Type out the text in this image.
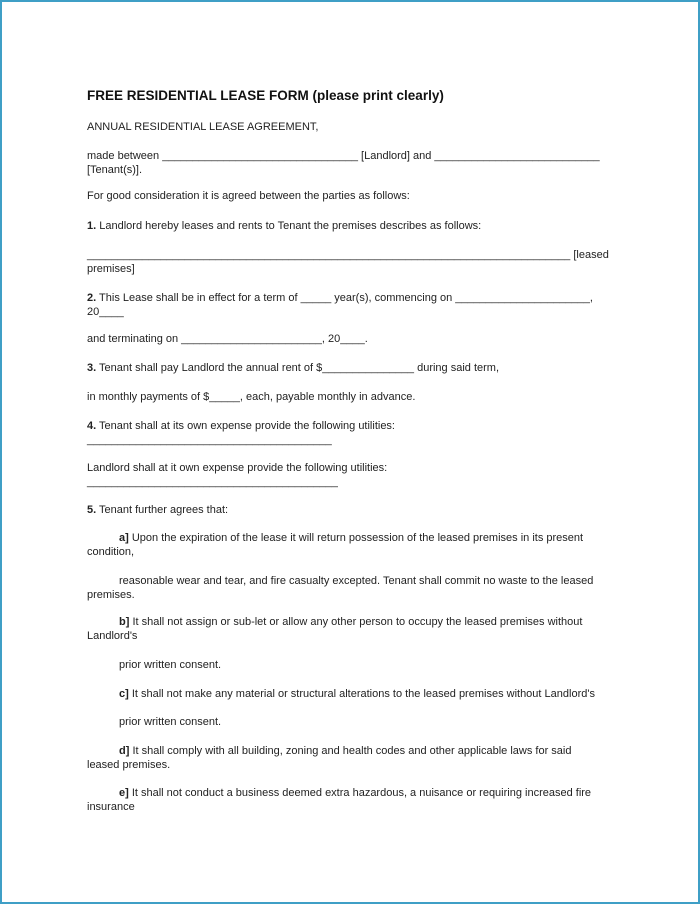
FREE RESIDENTIAL LEASE FORM (please print clearly)

ANNUAL RESIDENTIAL LEASE AGREEMENT,

made between ________________________________ [Landlord] and ___________________________
[Tenant(s)].

For good consideration it is agreed between the parties as follows:

1. Landlord hereby leases and rents to Tenant the premises describes as follows:

_______________________________________________________________________________ [leased
premises]

2. This Lease shall be in effect for a term of _____ year(s), commencing on ______________________,
20____

and terminating on _______________________, 20____.

3. Tenant shall pay Landlord the annual rent of $_______________ during said term,

in monthly payments of $_____, each, payable monthly in advance.

4. Tenant shall at its own expense provide the following utilities:
________________________________________

Landlord shall at it own expense provide the following utilities:
_________________________________________

5. Tenant further agrees that:

a] Upon the expiration of the lease it will return possession of the leased premises in its present
condition,

reasonable wear and tear, and fire casualty excepted. Tenant shall commit no waste to the leased
premises.

b] It shall not assign or sub-let or allow any other person to occupy the leased premises without
Landlord's

prior written consent.

c] It shall not make any material or structural alterations to the leased premises without Landlord's

prior written consent.

d] It shall comply with all building, zoning and health codes and other applicable laws for said
leased premises.

e] It shall not conduct a business deemed extra hazardous, a nuisance or requiring increased fire
insurance
